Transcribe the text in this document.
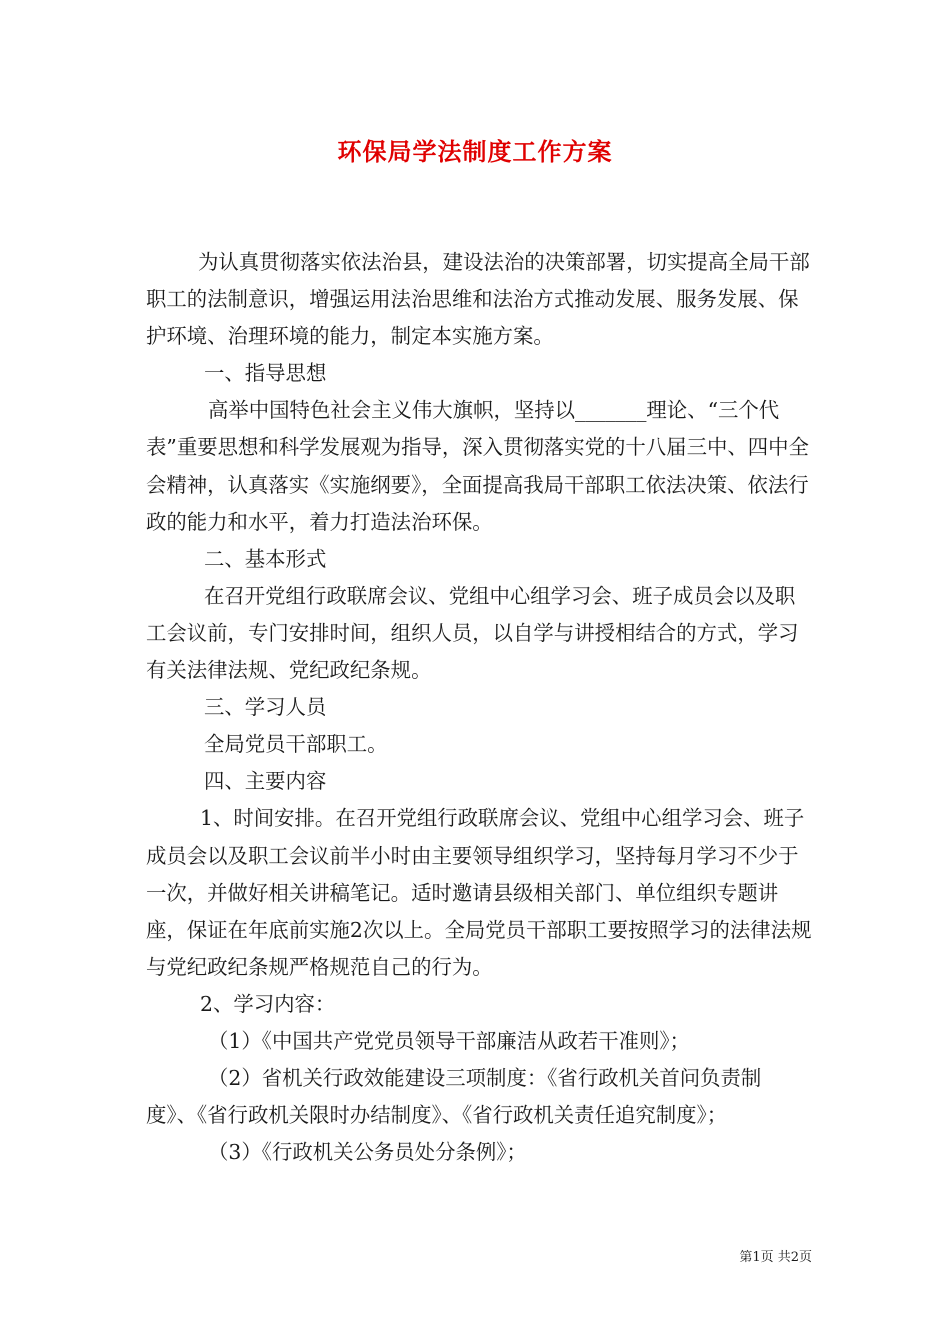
环保局学法制度工作方案

为认真贯彻落实依法治县，建设法治的决策部署，切实提高全局干部职工的法制意识，增强运用法治思维和法治方式推动发展、服务发展、保护环境、治理环境的能力，制定本实施方案。

一、指导思想

高举中国特色社会主义伟大旗帜，坚持以_______理论、“三个代表”重要思想和科学发展观为指导，深入贯彻落实党的十八届三中、四中全会精神，认真落实《实施纲要》，全面提高我局干部职工依法决策、依法行政的能力和水平，着力打造法治环保。

二、基本形式

在召开党组行政联席会议、党组中心组学习会、班子成员会以及职工会议前，专门安排时间，组织人员，以自学与讲授相结合的方式，学习有关法律法规、党纪政纪条规。

三、学习人员

全局党员干部职工。

四、主要内容

1、时间安排。在召开党组行政联席会议、党组中心组学习会、班子成员会以及职工会议前半小时由主要领导组织学习，坚持每月学习不少于一次，并做好相关讲稿笔记。适时邀请县级相关部门、单位组织专题讲座，保证在年底前实施2次以上。全局党员干部职工要按照学习的法律法规与党纪政纪条规严格规范自己的行为。

2、学习内容：

（1）《中国共产党党员领导干部廉洁从政若干准则》；

（2）省机关行政效能建设三项制度：《省行政机关首问负责制度》、《省行政机关限时办结制度》、《省行政机关责任追究制度》；

（3）《行政机关公务员处分条例》；

第1页 共2页
